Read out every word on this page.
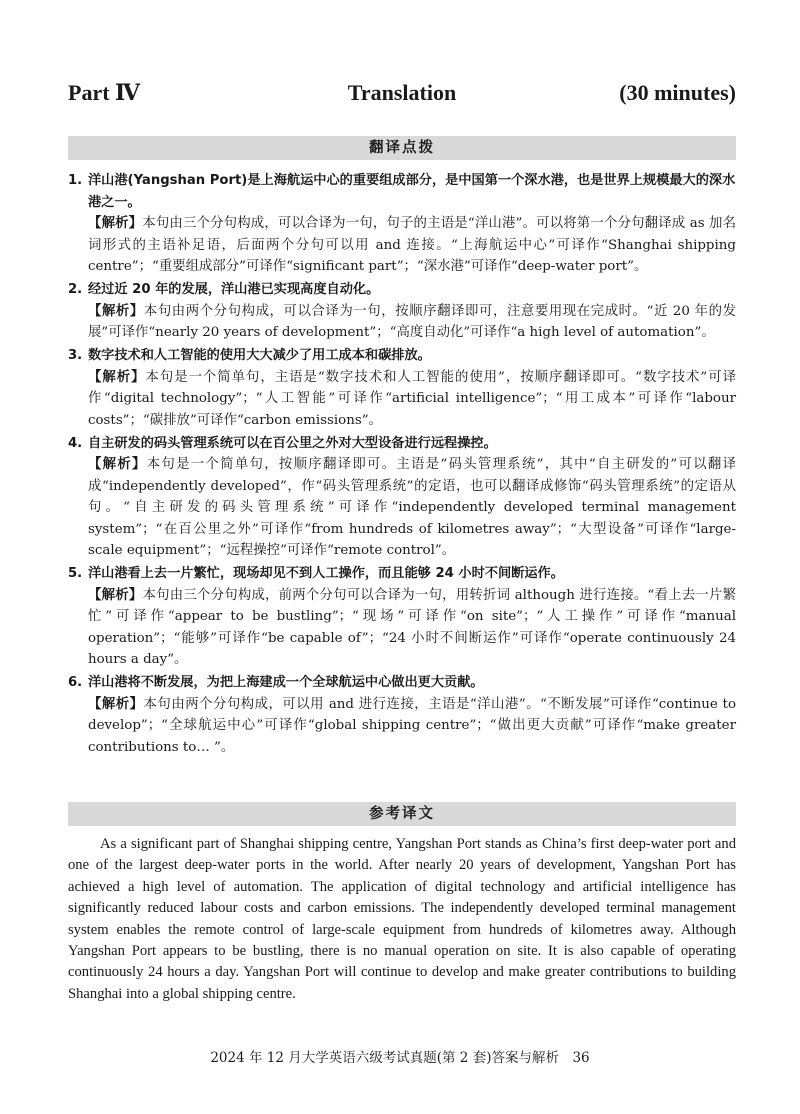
Part Ⅳ	Translation	(30 minutes)
翻译点拨
1. 洋山港(Yangshan Port)是上海航运中心的重要组成部分，是中国第一个深水港，也是世界上规模最大的深水港之一。
【解析】本句由三个分句构成，可以合译为一句，句子的主语是“洋山港”。可以将第一个分句翻译成 as 加名词形式的主语补足语，后面两个分句可以用 and 连接。“上海航运中心”可译作“Shanghai shipping centre”；“重要组成部分”可译作“significant part”；“深水港”可译作“deep-water port”。
2. 经过近 20 年的发展，洋山港已实现高度自动化。
【解析】本句由两个分句构成，可以合译为一句，按顺序翻译即可，注意要用现在完成时。“近 20 年的发展”可译作“nearly 20 years of development”；“高度自动化”可译作“a high level of automation”。
3. 数字技术和人工智能的使用大大减少了用工成本和碳排放。
【解析】本句是一个简单句，主语是“数字技术和人工智能的使用”，按顺序翻译即可。“数字技术”可译作“digital technology”；“人工智能”可译作“artificial intelligence”；“用工成本”可译作“labour costs”；“碳排放”可译作“carbon emissions”。
4. 自主研发的码头管理系统可以在百公里之外对大型设备进行远程操控。
【解析】本句是一个简单句，按顺序翻译即可。主语是“码头管理系统”，其中“自主研发的”可以翻译成“independently developed”，作“码头管理系统”的定语，也可以翻译成修饰“码头管理系统”的定语从句。“自主研发的码头管理系统”可译作“independently developed terminal management system”；“在百公里之外”可译作“from hundreds of kilometres away”；“大型设备”可译作“large-scale equipment”；“远程操控”可译作“remote control”。
5. 洋山港看上去一片繁忙，现场却见不到人工操作，而且能够 24 小时不间断运作。
【解析】本句由三个分句构成，前两个分句可以合译为一句，用转折词 although 进行连接。“看上去一片繁忙”可译作“appear to be bustling”；“现场”可译作“on site”；“人工操作”可译作“manual operation”；“能够”可译作“be capable of”；“24 小时不间断运作”可译作“operate continuously 24 hours a day”。
6. 洋山港将不断发展，为把上海建成一个全球航运中心做出更大贡献。
【解析】本句由两个分句构成，可以用 and 进行连接，主语是“洋山港”。“不断发展”可译作“continue to develop”；“全球航运中心”可译作“global shipping centre”；“做出更大贡献”可译作“make greater contributions to… ”。
参考译文

As a significant part of Shanghai shipping centre, Yangshan Port stands as China’s first deep-water port and one of the largest deep-water ports in the world. After nearly 20 years of development, Yangshan Port has achieved a high level of automation. The application of digital technology and artificial intelligence has significantly reduced labour costs and carbon emissions. The independently developed terminal management system enables the remote control of large-scale equipment from hundreds of kilometres away. Although Yangshan Port appears to be bustling, there is no manual operation on site. It is also capable of operating continuously 24 hours a day. Yangshan Port will continue to develop and make greater contributions to building Shanghai into a global shipping centre.

2024 年 12 月大学英语六级考试真题(第 2 套)答案与解析　36
